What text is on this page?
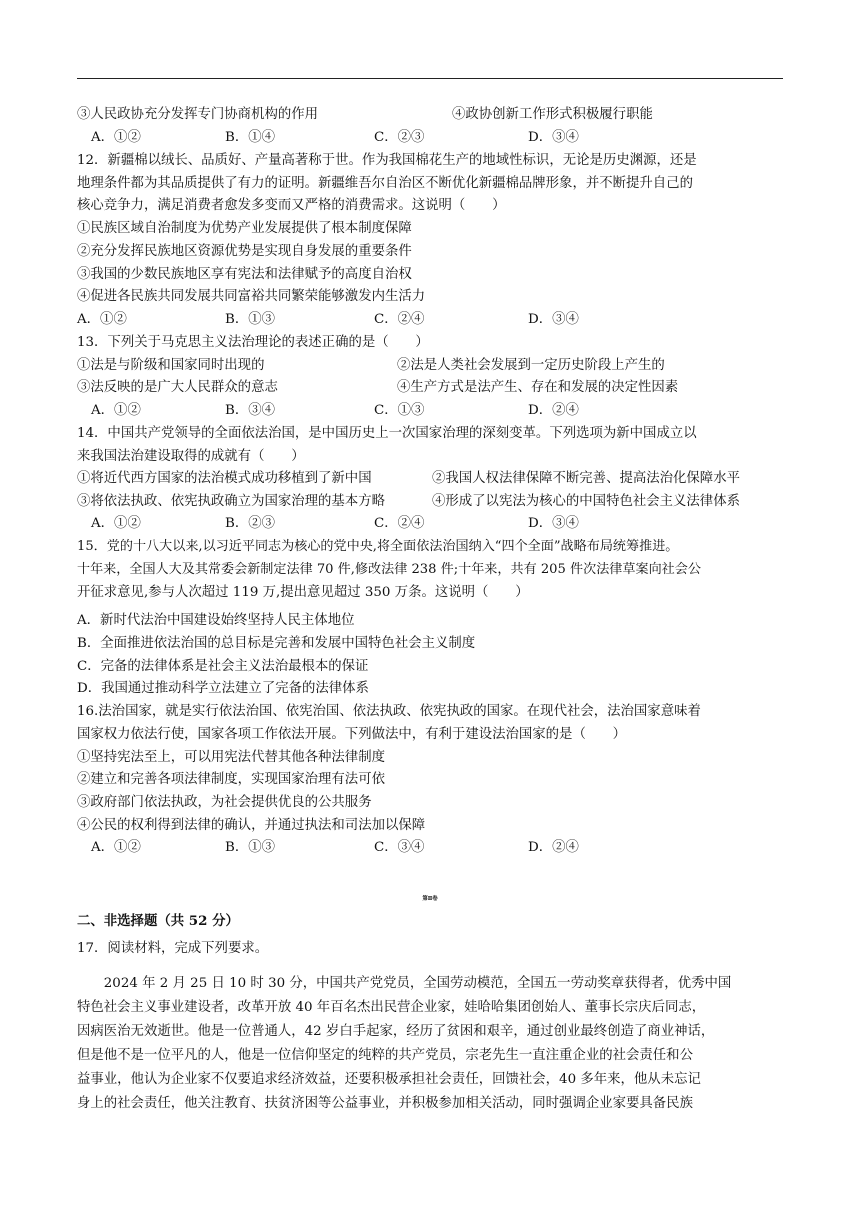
③人民政协充分发挥专门协商机构的作用	④政协创新工作形式积极履行职能
A．①②	B．①④	C．②③	D．③④
12．新疆棉以绒长、品质好、产量高著称于世。作为我国棉花生产的地域性标识，无论是历史渊源，还是
地理条件都为其品质提供了有力的证明。新疆维吾尔自治区不断优化新疆棉品牌形象，并不断提升自己的
核心竞争力，满足消费者愈发多变而又严格的消费需求。这说明（　　）
①民族区域自治制度为优势产业发展提供了根本制度保障
②充分发挥民族地区资源优势是实现自身发展的重要条件
③我国的少数民族地区享有宪法和法律赋予的高度自治权
④促进各民族共同发展共同富裕共同繁荣能够激发内生活力
A．①②	B．①③	C．②④	D．③④
13．下列关于马克思主义法治理论的表述正确的是（　　）
①法是与阶级和国家同时出现的	②法是人类社会发展到一定历史阶段上产生的
③法反映的是广大人民群众的意志	④生产方式是法产生、存在和发展的决定性因素
A．①②	B．③④	C．①③	D．②④
14．中国共产党领导的全面依法治国，是中国历史上一次国家治理的深刻变革。下列选项为新中国成立以
来我国法治建设取得的成就有（　　）
①将近代西方国家的法治模式成功移植到了新中国	②我国人权法律保障不断完善、提高法治化保障水平
③将依法执政、依宪执政确立为国家治理的基本方略	④形成了以宪法为核心的中国特色社会主义法律体系
A．①②	B．②③	C．②④	D．③④
15．党的十八大以来,以习近平同志为核心的党中央,将全面依法治国纳入“四个全面”战略布局统筹推进。
十年来，全国人大及其常委会新制定法律 70 件,修改法律 238 件;十年来，共有 205 件次法律草案向社会公
开征求意见,参与人次超过 119 万,提出意见超过 350 万条。这说明（　　）
A．新时代法治中国建设始终坚持人民主体地位
B．全面推进依法治国的总目标是完善和发展中国特色社会主义制度
C．完备的法律体系是社会主义法治最根本的保证
D．我国通过推动科学立法建立了完备的法律体系
16.法治国家，就是实行依法治国、依宪治国、依法执政、依宪执政的国家。在现代社会，法治国家意味着
国家权力依法行使，国家各项工作依法开展。下列做法中，有利于建设法治国家的是（　　）
①坚持宪法至上，可以用宪法代替其他各种法律制度
②建立和完善各项法律制度，实现国家治理有法可依
③政府部门依法执政，为社会提供优良的公共服务
④公民的权利得到法律的确认，并通过执法和司法加以保障
A．①②	B．①③	C．③④	D．②④
第Ⅱ卷
二、非选择题（共 52 分）
17．阅读材料，完成下列要求。
　　2024 年 2 月 25 日 10 时 30 分，中国共产党党员，全国劳动模范，全国五一劳动奖章获得者，优秀中国
特色社会主义事业建设者，改革开放 40 年百名杰出民营企业家，娃哈哈集团创始人、董事长宗庆后同志，
因病医治无效逝世。他是一位普通人，42 岁白手起家，经历了贫困和艰辛，通过创业最终创造了商业神话，
但是他不是一位平凡的人，他是一位信仰坚定的纯粹的共产党员，宗老先生一直注重企业的社会责任和公
益事业，他认为企业家不仅要追求经济效益，还要积极承担社会责任，回馈社会，40 多年来，他从未忘记
身上的社会责任，他关注教育、扶贫济困等公益事业，并积极参加相关活动，同时强调企业家要具备民族
